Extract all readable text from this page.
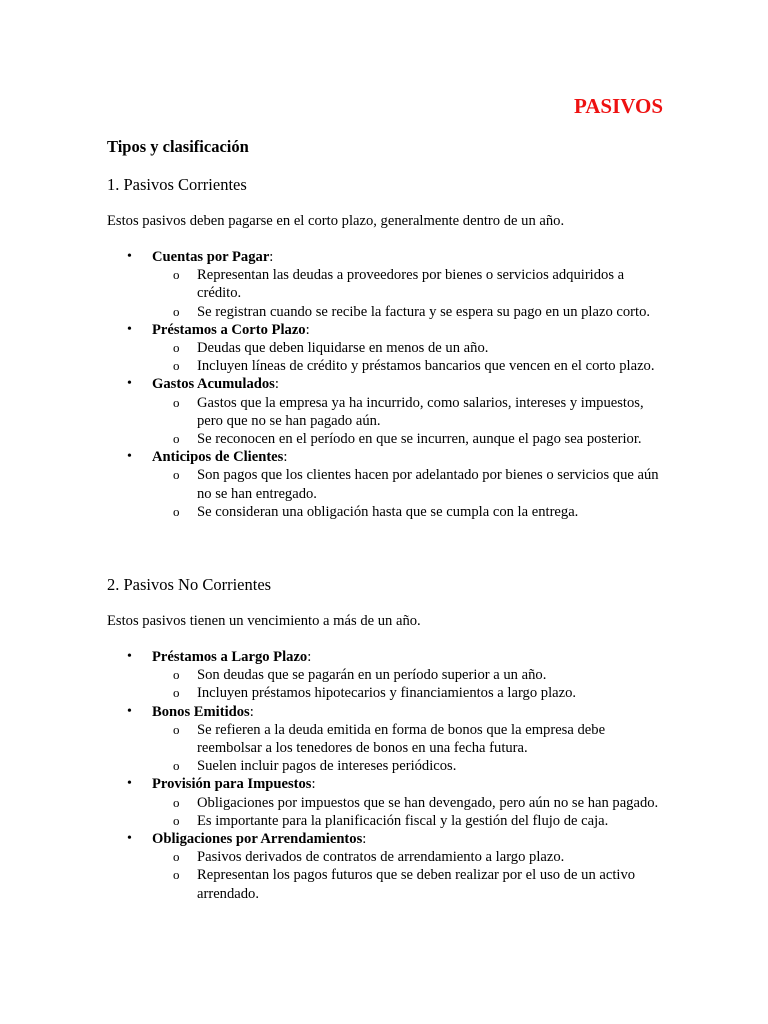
PASIVOS
Tipos y clasificación
1. Pasivos Corrientes

Estos pasivos deben pagarse en el corto plazo, generalmente dentro de un año.

• Cuentas por Pagar:
o Representan las deudas a proveedores por bienes o servicios adquiridos a crédito.
o Se registran cuando se recibe la factura y se espera su pago en un plazo corto.
• Préstamos a Corto Plazo:
o Deudas que deben liquidarse en menos de un año.
o Incluyen líneas de crédito y préstamos bancarios que vencen en el corto plazo.
• Gastos Acumulados:
o Gastos que la empresa ya ha incurrido, como salarios, intereses y impuestos, pero que no se han pagado aún.
o Se reconocen en el período en que se incurren, aunque el pago sea posterior.
• Anticipos de Clientes:
o Son pagos que los clientes hacen por adelantado por bienes o servicios que aún no se han entregado.
o Se consideran una obligación hasta que se cumpla con la entrega.
2. Pasivos No Corrientes

Estos pasivos tienen un vencimiento a más de un año.

• Préstamos a Largo Plazo:
o Son deudas que se pagarán en un período superior a un año.
o Incluyen préstamos hipotecarios y financiamientos a largo plazo.
• Bonos Emitidos:
o Se refieren a la deuda emitida en forma de bonos que la empresa debe reembolsar a los tenedores de bonos en una fecha futura.
o Suelen incluir pagos de intereses periódicos.
• Provisión para Impuestos:
o Obligaciones por impuestos que se han devengado, pero aún no se han pagado.
o Es importante para la planificación fiscal y la gestión del flujo de caja.
• Obligaciones por Arrendamientos:
o Pasivos derivados de contratos de arrendamiento a largo plazo.
o Representan los pagos futuros que se deben realizar por el uso de un activo arrendado.
